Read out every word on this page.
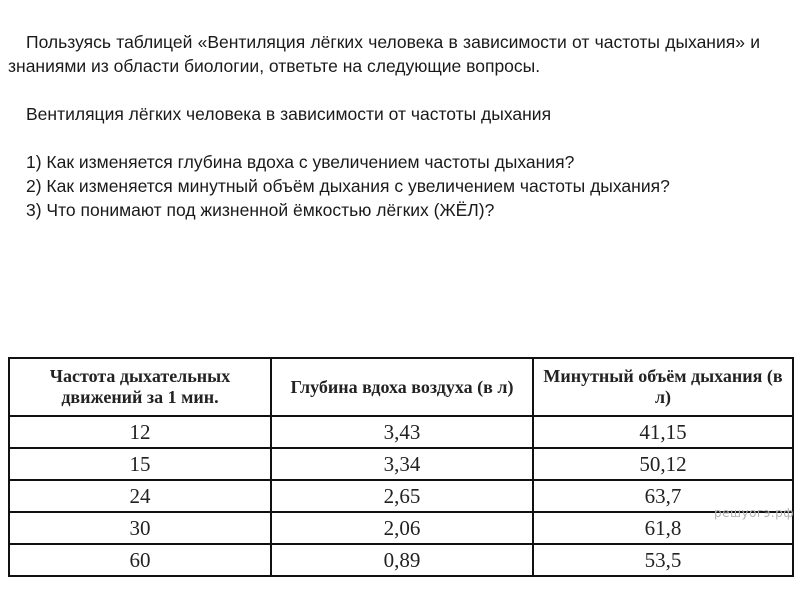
Пользуясь таблицей «Вентиляция лёгких человека в зависимости от частоты дыхания» и знаниями из области биологии, ответьте на следующие вопросы.

Вентиляция лёгких человека в зависимости от частоты дыхания

1) Как изменяется глубина вдоха с увеличением частоты дыхания?

2) Как изменяется минутный объём дыхания с увеличением частоты дыхания?

3) Что понимают под жизненной ёмкостью лёгких (ЖЁЛ)?

Частота дыхательных движений за 1 мин.	Глубина вдоха воздуха (в л)	Минутный объём дыхания (в л)
12	3,43	41,15
15	3,34	50,12
24	2,65	63,7
30	2,06	61,8
60	0,89	53,5
решуогэ.рф
